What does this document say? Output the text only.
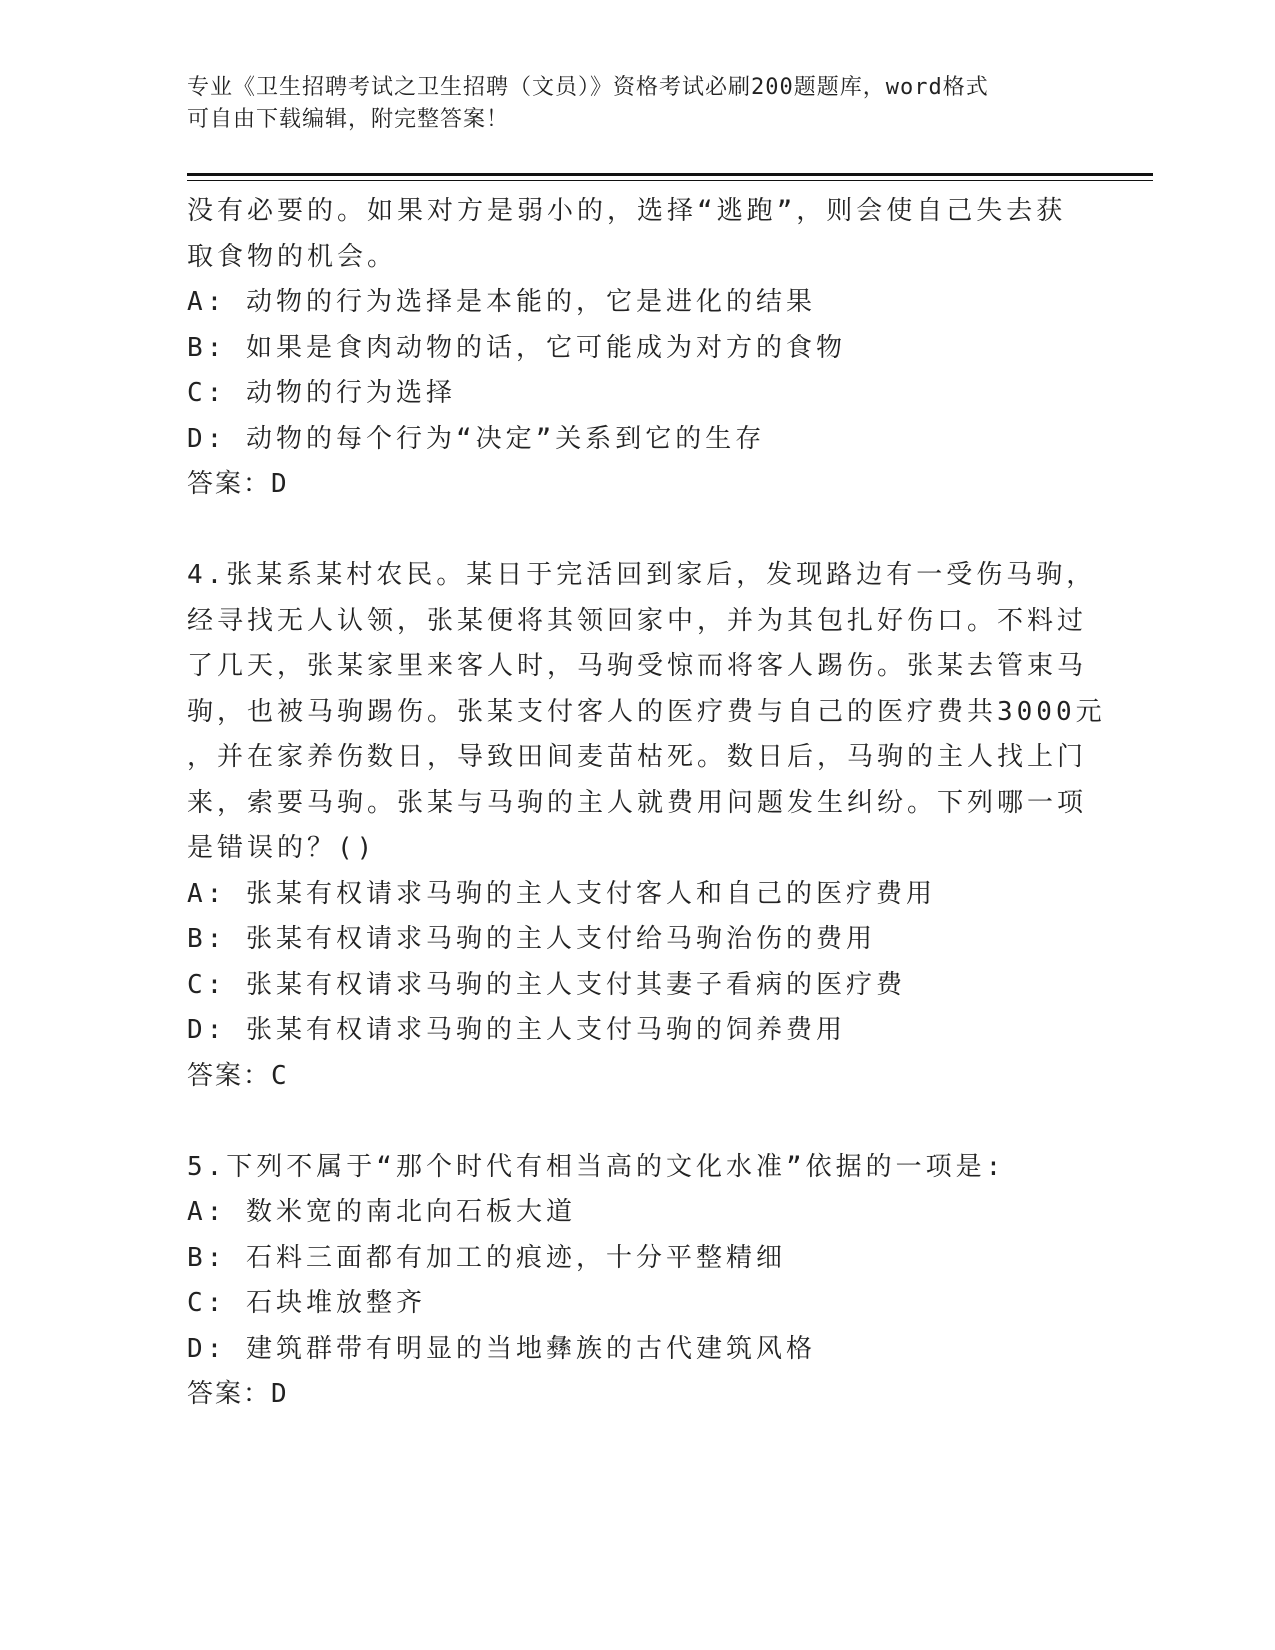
专业《卫生招聘考试之卫生招聘（文员）》资格考试必刷200题题库，word格式
可自由下载编辑，附完整答案！
没有必要的。如果对方是弱小的，选择“逃跑”，则会使自己失去获
取食物的机会。
A: 动物的行为选择是本能的，它是进化的结果
B: 如果是食肉动物的话，它可能成为对方的食物
C: 动物的行为选择
D: 动物的每个行为“决定”关系到它的生存
答案：D
4.张某系某村农民。某日于完活回到家后，发现路边有一受伤马驹，
经寻找无人认领，张某便将其领回家中，并为其包扎好伤口。不料过
了几天，张某家里来客人时，马驹受惊而将客人踢伤。张某去管束马
驹，也被马驹踢伤。张某支付客人的医疗费与自己的医疗费共3000元
，并在家养伤数日，导致田间麦苗枯死。数日后，马驹的主人找上门
来，索要马驹。张某与马驹的主人就费用问题发生纠纷。下列哪一项
是错误的？()
A: 张某有权请求马驹的主人支付客人和自己的医疗费用
B: 张某有权请求马驹的主人支付给马驹治伤的费用
C: 张某有权请求马驹的主人支付其妻子看病的医疗费
D: 张某有权请求马驹的主人支付马驹的饲养费用
答案：C
5.下列不属于“那个时代有相当高的文化水准”依据的一项是:
A: 数米宽的南北向石板大道
B: 石料三面都有加工的痕迹，十分平整精细
C: 石块堆放整齐
D: 建筑群带有明显的当地彝族的古代建筑风格
答案：D
